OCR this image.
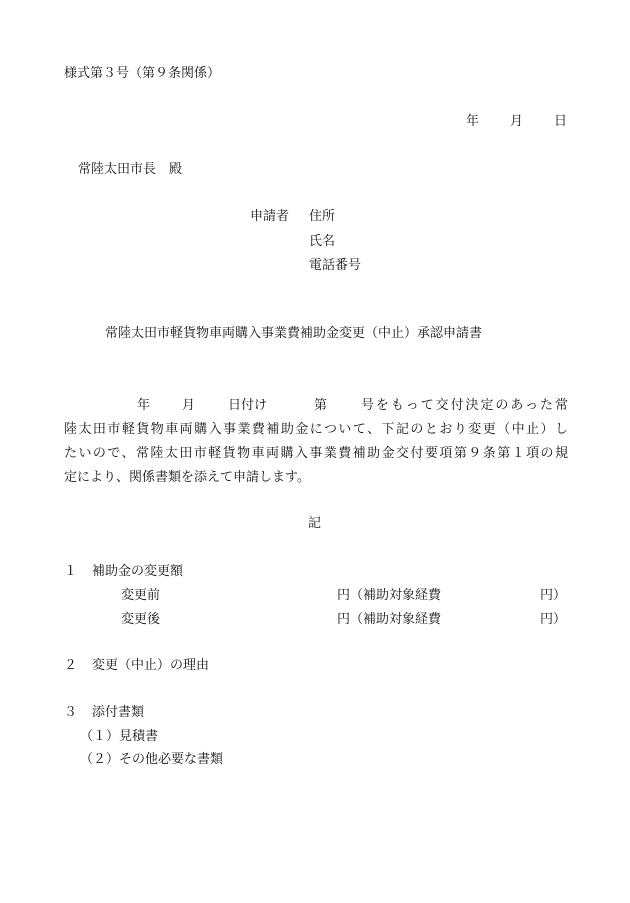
様式第３号（第９条関係）
年 月 日
常陸太田市長　殿
申請者 住所
氏名
電話番号
常陸太田市軽貨物車両購入事業費補助金変更（中止）承認申請書
年 月	日付け	第	号をもって交付決定のあった常
陸太田市軽貨物車両購入事業費補助金について、下記のとおり変更（中止）し
たいので、常陸太田市軽貨物車両購入事業費補助金交付要項第９条第１項の規
定により、関係書類を添えて申請します。
記
１ 補助金の変更額
変更前	円（補助対象経費	円）
変更後	円（補助対象経費	円）
２ 変更（中止）の理由
３ 添付書類
（１）見積書
（２）その他必要な書類
